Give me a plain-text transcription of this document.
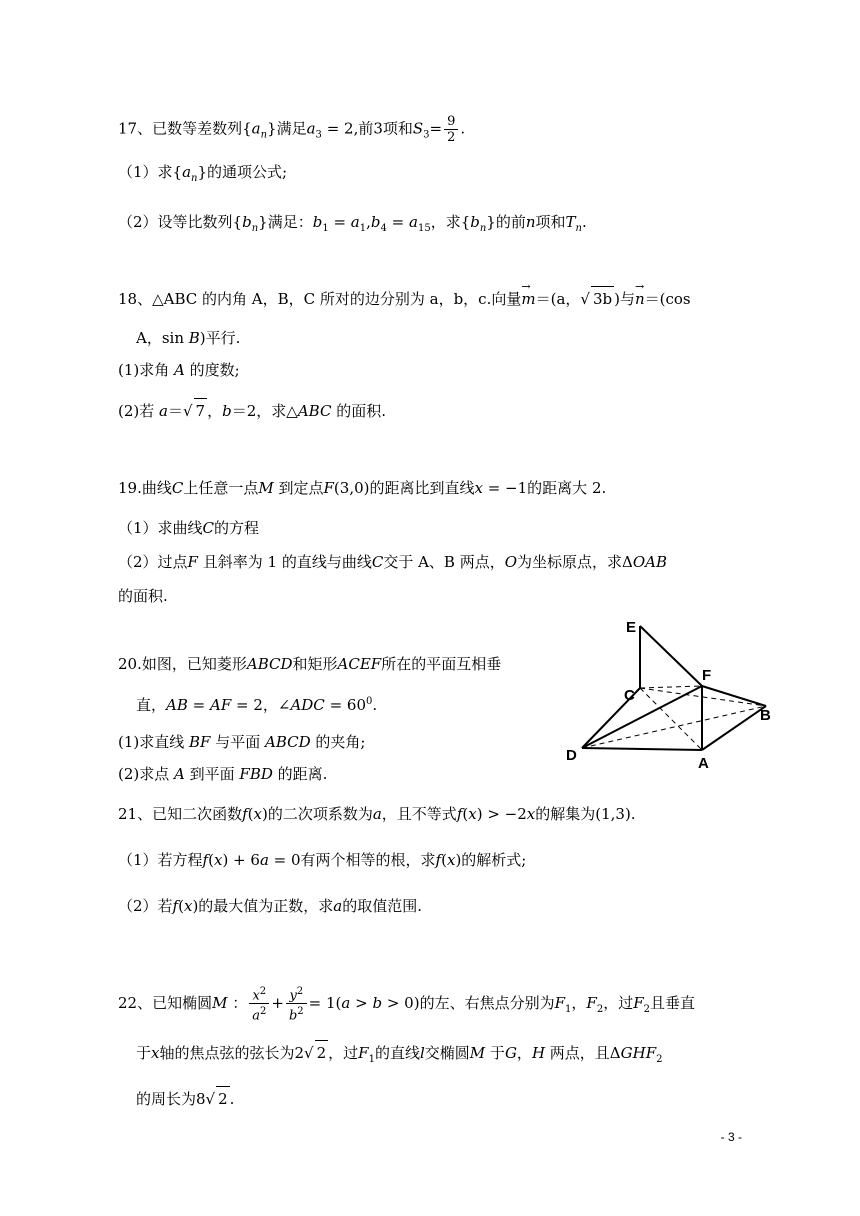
17、已数等差数列$\{a_n\}$满足$a_3 = 2$,前3项和$S_3= \frac{9}{2}$ .
（1）求$\{a_n\}$的通项公式;
（2）设等比数列$\{b_n\}$满足：$b_1 = a_1,b_4 = a_{15}$，求$\{b_n\}$的前n项和$T_n$.
18、△ABC 的内角 A，B，C 所对的边分别为 a，b，c.向量→ m＝(a，√ 3b )与→ n＝(cos
A，sin B)平行.
(1)求角 A 的度数;
(2)若 a＝√ 7 ，b＝2，求△ABC 的面积.
19.曲线C上任意一点M 到定点F(3,0)的距离比到直线x = −1的距离大 2.
（1）求曲线C的方程
（2）过点F 且斜率为 1 的直线与曲线C交于 A、B 两点，O为坐标原点，求ΔOAB
的面积.
20.如图，已知菱形ABCD和矩形ACEF所在的平面互相垂
直，AB = AF = 2，∠ADC = $60^0$.
(1)求直线 BF 与平面 ABCD 的夹角;
(2)求点 A 到平面 FBD 的距离.
E
C
F
B
D	A
21、已知二次函数f(x)的二次项系数为a，且不等式f(x) > −2x的解集为(1,3).
（1）若方程f(x) + 6a = 0有两个相等的根，求f(x)的解析式;
（2）若f(x)的最大值为正数，求a的取值范围.
22、已知椭圆M ： $\frac{x^2}{a^2} + \frac{y^2}{b^2} = 1(a > b > 0)$的左、右焦点分别为$F_1$，$F_2$，过$F_2$且垂直
于x轴的焦点弦的弦长为2√ 2 ，过$F_1$的直线l交椭圆M 于G，H 两点，且$\Delta GHF_2$
的周长为8√ 2 .
- 3 -
